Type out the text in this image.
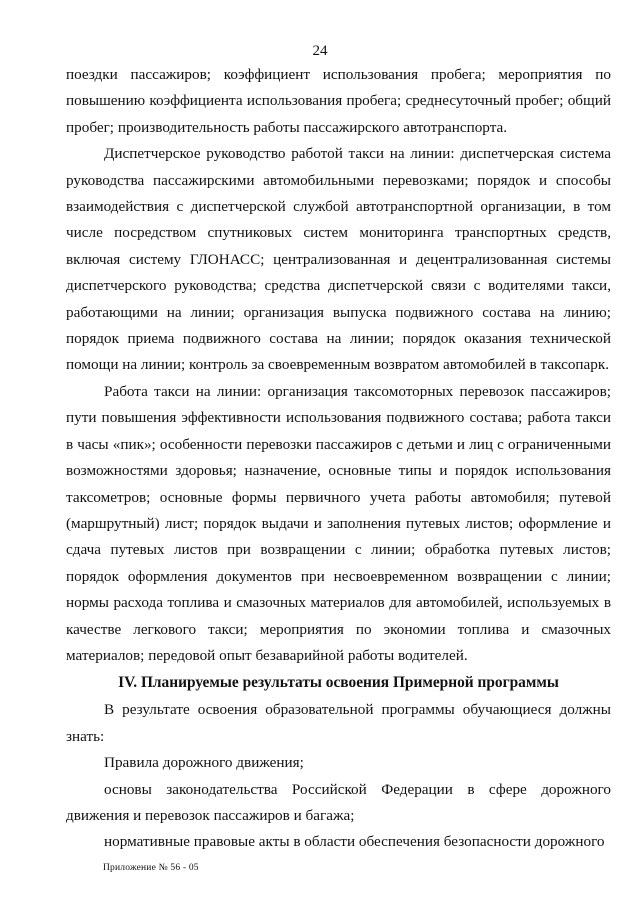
24

поездки пассажиров; коэффициент использования пробега; мероприятия по повышению коэффициента использования пробега; среднесуточный пробег; общий пробег; производительность работы пассажирского автотранспорта.

Диспетчерское руководство работой такси на линии: диспетчерская система руководства пассажирскими автомобильными перевозками; порядок и способы взаимодействия с диспетчерской службой автотранспортной организации, в том числе посредством спутниковых систем мониторинга транспортных средств, включая систему ГЛОНАСС; централизованная и децентрализованная системы диспетчерского руководства; средства диспетчерской связи с водителями такси, работающими на линии; организация выпуска подвижного состава на линию; порядок приема подвижного состава на линии; порядок оказания технической помощи на линии; контроль за своевременным возвратом автомобилей в таксопарк.

Работа такси на линии: организация таксомоторных перевозок пассажиров; пути повышения эффективности использования подвижного состава; работа такси в часы «пик»; особенности перевозки пассажиров с детьми и лиц с ограниченными возможностями здоровья; назначение, основные типы и порядок использования таксометров; основные формы первичного учета работы автомобиля; путевой (маршрутный) лист; порядок выдачи и заполнения путевых листов; оформление и сдача путевых листов при возвращении с линии; обработка путевых листов; порядок оформления документов при несвоевременном возвращении с линии; нормы расхода топлива и смазочных материалов для автомобилей, используемых в качестве легкового такси; мероприятия по экономии топлива и смазочных материалов; передовой опыт безаварийной работы водителей.

IV. Планируемые результаты освоения Примерной программы

В результате освоения образовательной программы обучающиеся должны знать:

Правила дорожного движения;

основы законодательства Российской Федерации в сфере дорожного движения и перевозок пассажиров и багажа;

нормативные правовые акты в области обеспечения безопасности дорожного

Приложение № 56 - 05
